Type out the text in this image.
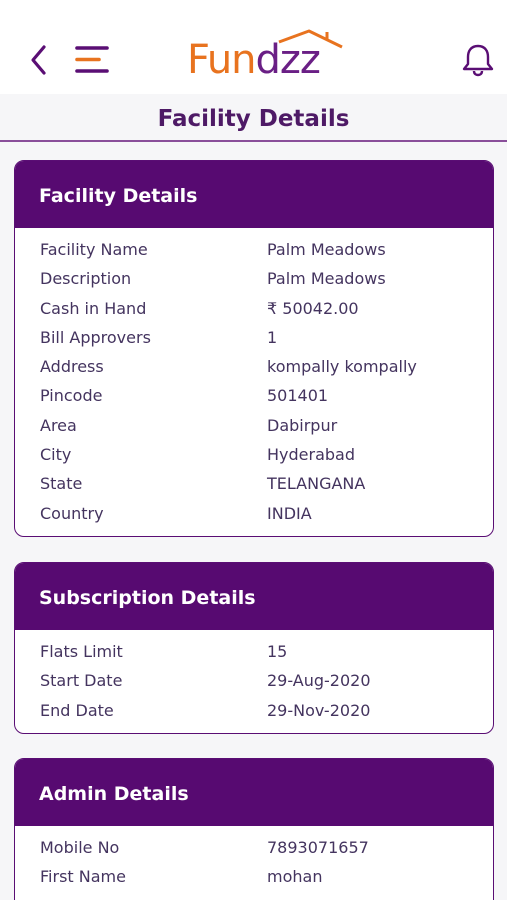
Fundzz
Facility Details
Facility Details
Facility Name	Palm Meadows
Description	Palm Meadows
Cash in Hand	₹ 50042.00
Bill Approvers	1
Address	kompally kompally
Pincode	501401
Area	Dabirpur
City	Hyderabad
State	TELANGANA
Country	INDIA
Subscription Details
Flats Limit	15
Start Date	29-Aug-2020
End Date	29-Nov-2020
Admin Details
Mobile No	7893071657
First Name	mohan
